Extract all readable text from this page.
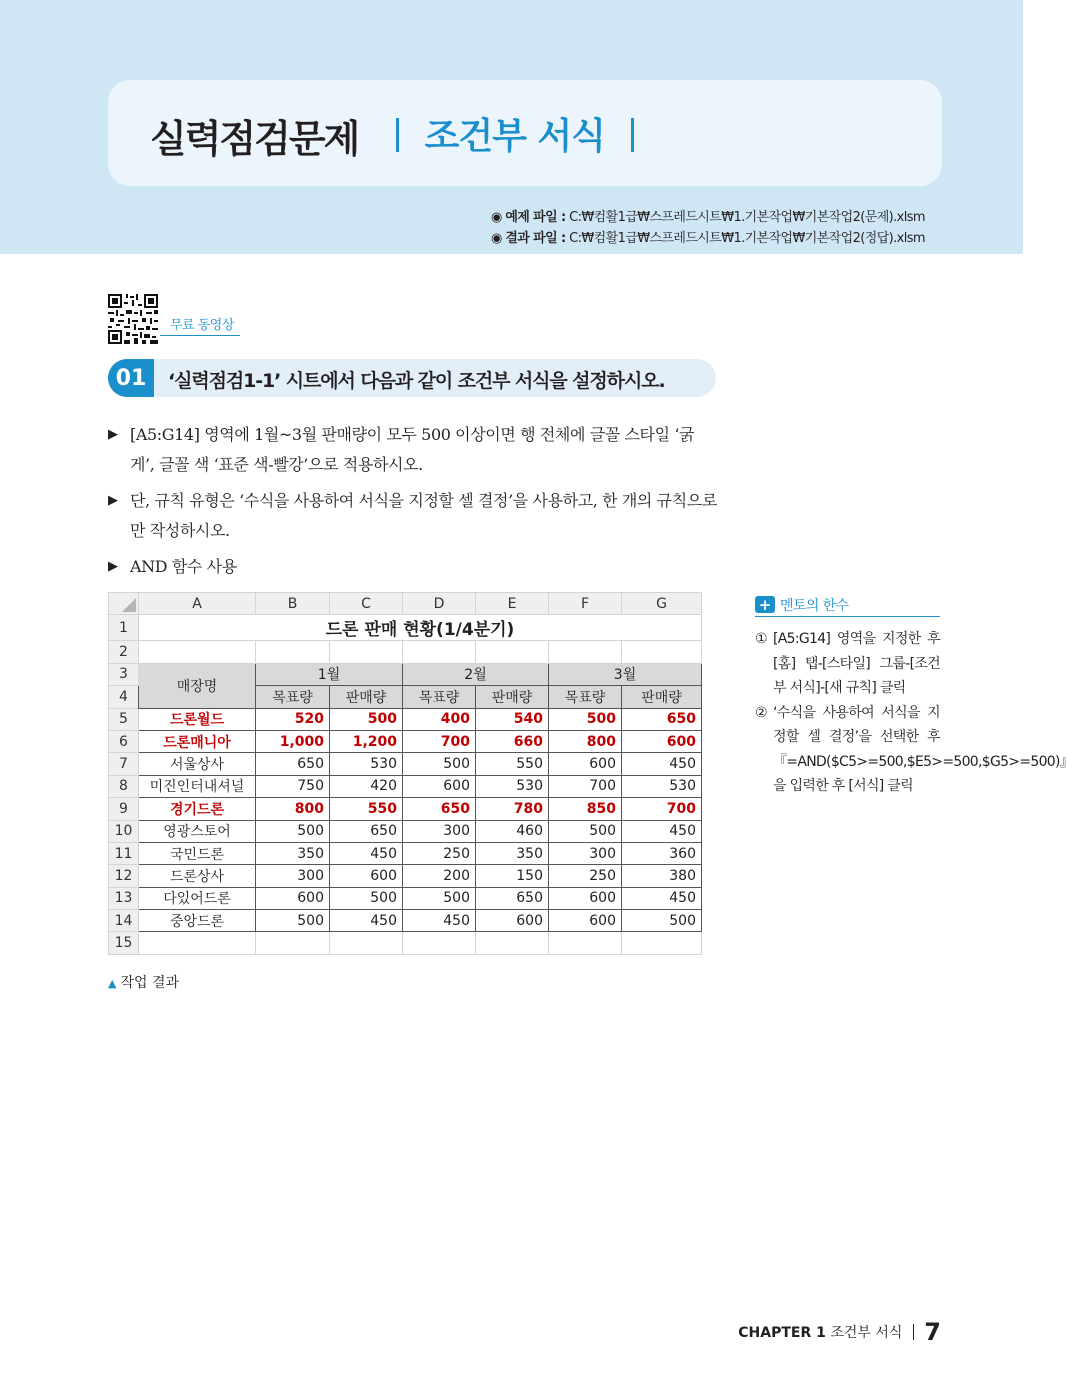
실력점검문제	조건부 서식
◉ 예제 파일 : C:₩컴활1급₩스프레드시트₩1.기본작업₩기본작업2(문제).xlsm
◉ 결과 파일 : C:₩컴활1급₩스프레드시트₩1.기본작업₩기본작업2(정답).xlsm
무료 동영상
01	‘실력점검1-1’ 시트에서 다음과 같이 조건부 서식을 설정하시오.

▶ [A5:G14] 영역에 1월~3월 판매량이 모두 500 이상이면 행 전체에 글꼴 스타일 ‘굵게’, 글꼴 색 ‘표준 색-빨강’으로 적용하시오.

▶ 단, 규칙 유형은 ‘수식을 사용하여 서식을 지정할 셀 결정’을 사용하고, 한 개의 규칙으로만 작성하시오.

▶ AND 함수 사용

	A	B	C	D	E	F	G
1	드론 판매 현황(1/4분기)						
2							
3	매장명	1월		2월		3월	
4		목표량	판매량	목표량	판매량	목표량	판매량
5	드론월드	520	500	400	540	500	650
6	드론매니아	1,000	1,200	700	660	800	600
7	서울상사	650	530	500	550	600	450
8	미진인터내셔널	750	420	600	530	700	530
9	경기드론	800	550	650	780	850	700
10	영광스토어	500	650	300	460	500	450
11	국민드론	350	450	250	350	300	360
12	드론상사	300	600	200	150	250	380
13	다있어드론	600	500	500	650	600	450
14	중앙드론	500	450	450	600	600	500
15							
▲ 작업 결과
+ 멘토의 한수
① [A5:G14] 영역을 지정한 후 [홈] 탭-[스타일] 그룹-[조건부 서식]-[새 규칙] 클릭
② ‘수식을 사용하여 서식을 지정할 셀 결정’을 선택한 후 『=AND($C5>=500,$E5>=500,$G5>=500)』을 입력한 후 [서식] 클릭
CHAPTER 1 조건부 서식 7
